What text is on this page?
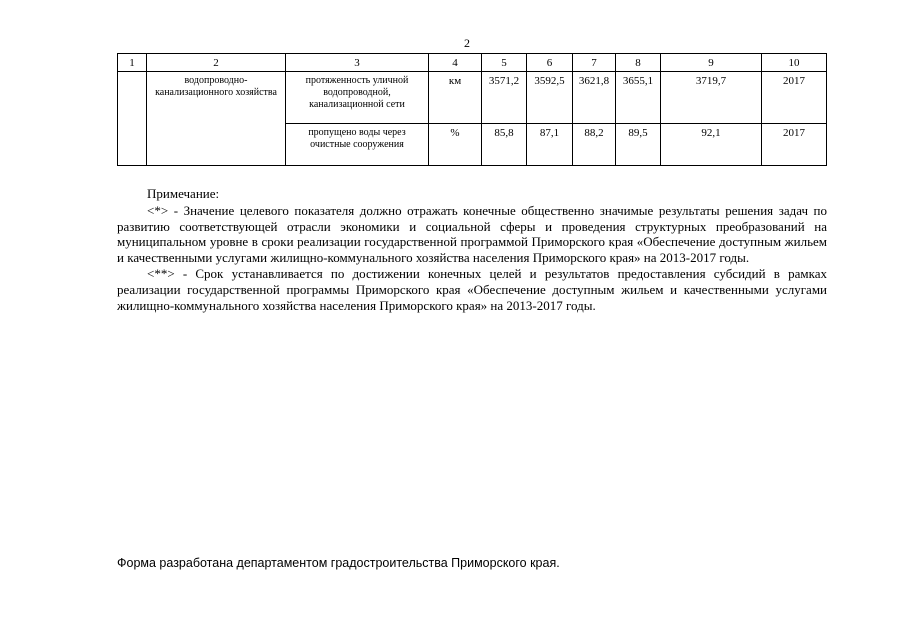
2
1	2	3	4	5	6	7	8	9	10
	водопроводно-канализационного хозяйства	протяженность уличной водопроводной, канализационной сети	км	3571,2	3592,5	3621,8	3655,1	3719,7	2017
		пропущено воды через очистные сооружения	%	85,8	87,1	88,2	89,5	92,1	2017
Примечание:

<*> - Значение целевого показателя должно отражать конечные общественно значимые результаты решения задач по развитию соответствующей отрасли экономики и социальной сферы и проведения структурных преобразований на муниципальном уровне в сроки реализации государственной программой Приморского края «Обеспечение доступным жильем и качественными услугами жилищно-коммунального хозяйства населения Приморского края» на 2013-2017 годы.

<**> - Срок устанавливается по достижении конечных целей и результатов предоставления субсидий в рамках реализации государственной программы Приморского края «Обеспечение доступным жильем и качественными услугами жилищно-коммунального хозяйства населения Приморского края» на 2013-2017 годы.

Форма разработана департаментом градостроительства Приморского края.
